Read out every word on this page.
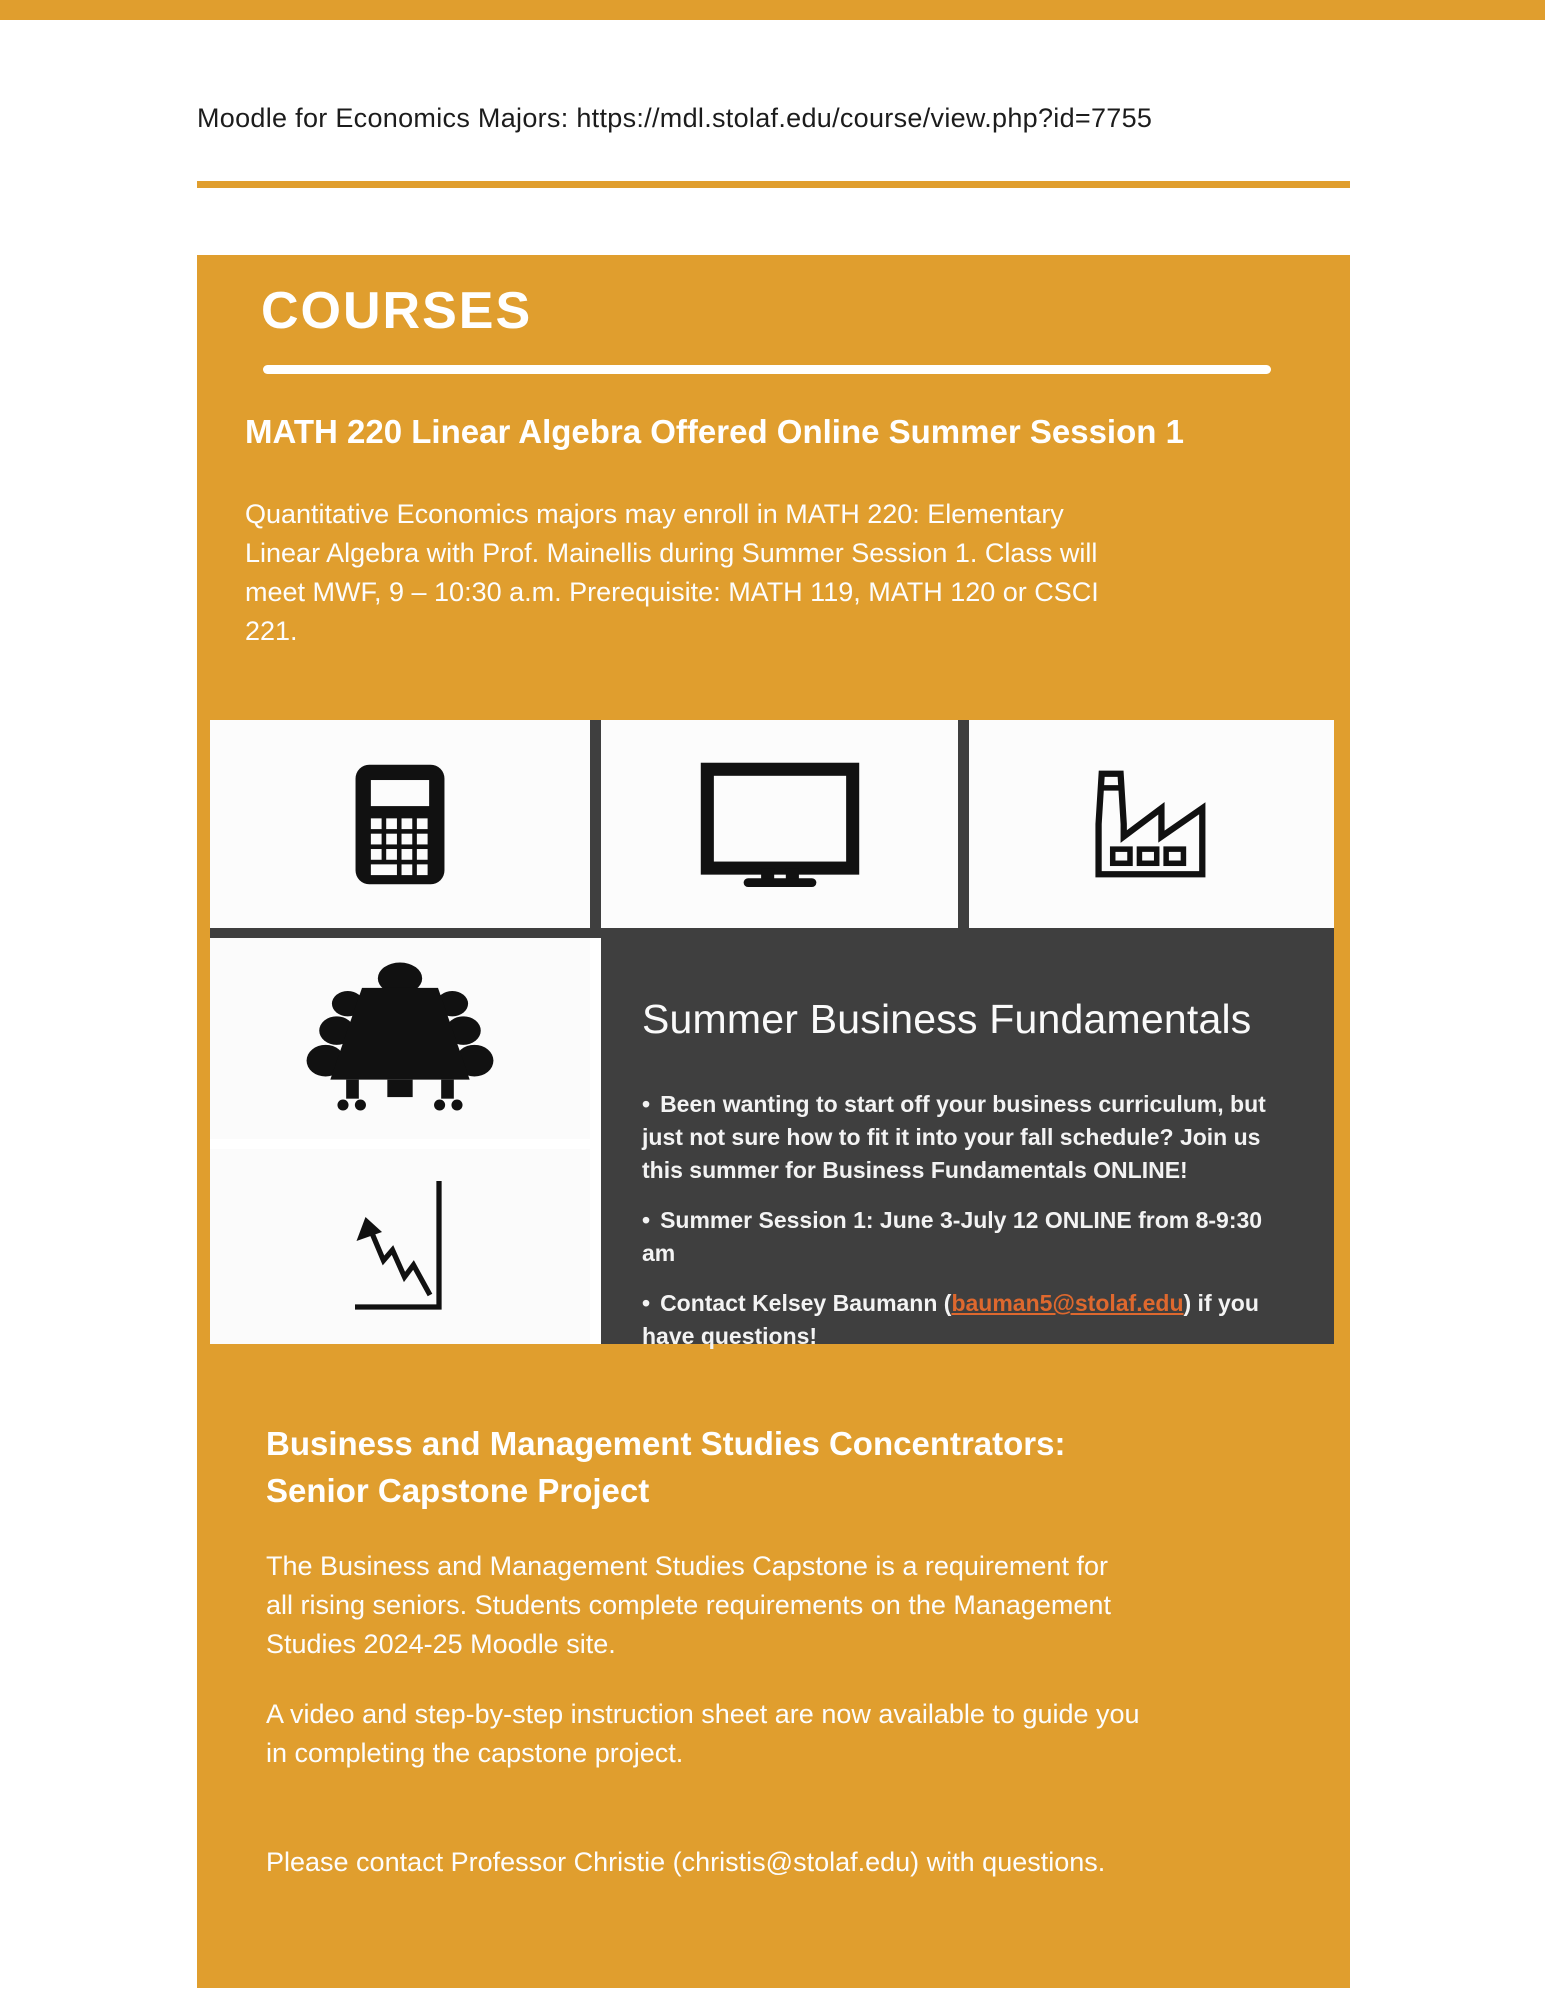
Moodle for Economics Majors: https://mdl.stolaf.edu/course/view.php?id=7755
COURSES
MATH 220 Linear Algebra Offered Online Summer Session 1
Quantitative Economics majors may enroll in MATH 220: Elementary Linear Algebra with Prof. Mainellis during Summer Session 1. Class will meet MWF, 9 – 10:30 a.m. Prerequisite: MATH 119, MATH 120 or CSCI 221.
Summer Business Fundamentals
• Been wanting to start off your business curriculum, but just not sure how to fit it into your fall schedule? Join us this summer for Business Fundamentals ONLINE!
• Summer Session 1: June 3-July 12 ONLINE from 8-9:30 am
• Contact Kelsey Baumann (bauman5@stolaf.edu) if you have questions!
Business and Management Studies Concentrators:
Senior Capstone Project
The Business and Management Studies Capstone is a requirement for all rising seniors. Students complete requirements on the Management Studies 2024-25 Moodle site.
A video and step-by-step instruction sheet are now available to guide you in completing the capstone project.
Please contact Professor Christie (christis@stolaf.edu) with questions.
